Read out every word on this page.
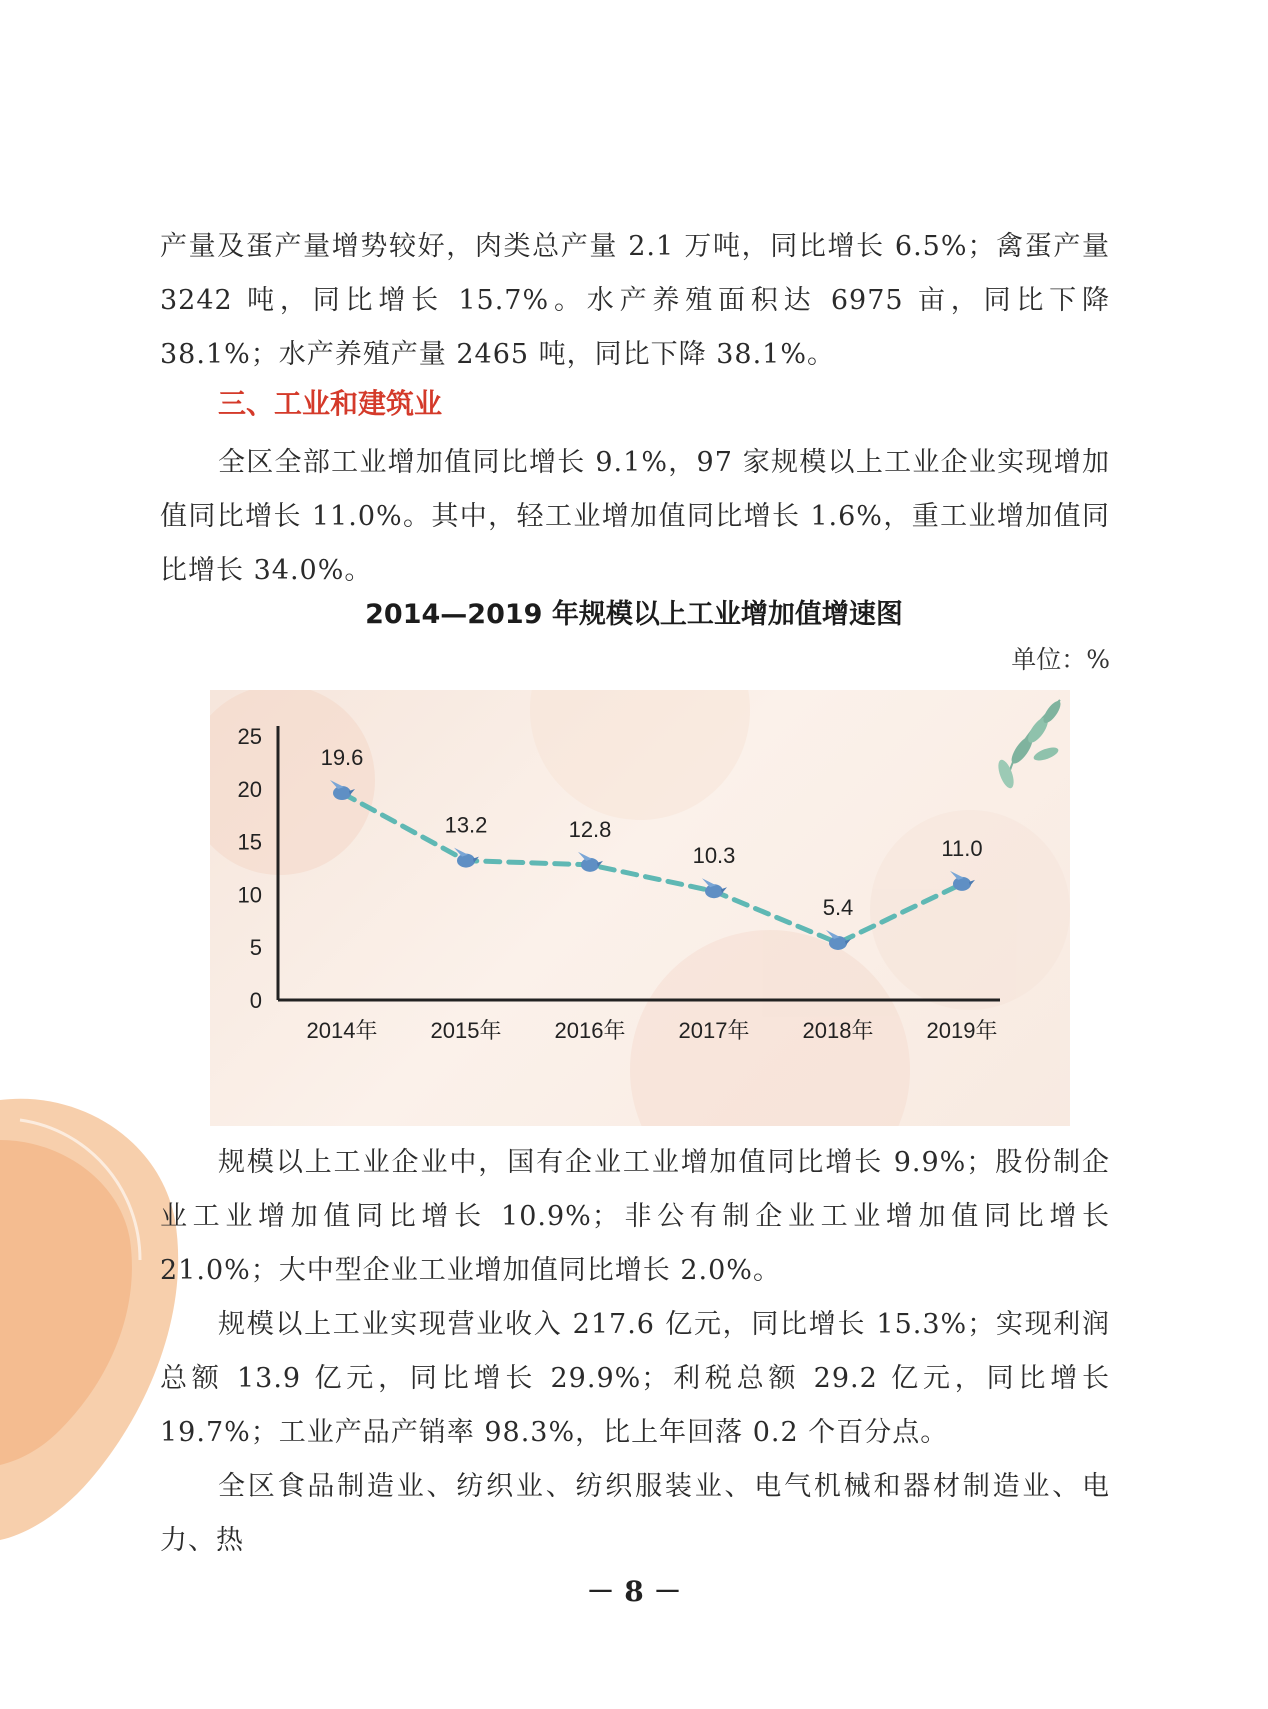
产量及蛋产量增势较好，肉类总产量 2.1 万吨，同比增长 6.5%；禽蛋产量 3242 吨，同比增长 15.7%。水产养殖面积达 6975 亩，同比下降 38.1%；水产养殖产量 2465 吨，同比下降 38.1%。

三、工业和建筑业

全区全部工业增加值同比增长 9.1%，97 家规模以上工业企业实现增加值同比增长 11.0%。其中，轻工业增加值同比增长 1.6%，重工业增加值同比增长 34.0%。

2014—2019 年规模以上工业增加值增速图

单位：%

0
5
10
15
20
25
2014年 2015年 2016年 2017年 2018年 2019年
19.6
13.2	12.8
10.3
5.4
11.0

规模以上工业企业中，国有企业工业增加值同比增长 9.9%；股份制企业工业增加值同比增长 10.9%；非公有制企业工业增加值同比增长 21.0%；大中型企业工业增加值同比增长 2.0%。

规模以上工业实现营业收入 217.6 亿元，同比增长 15.3%；实现利润总额 13.9 亿元，同比增长 29.9%；利税总额 29.2 亿元，同比增长 19.7%；工业产品产销率 98.3%，比上年回落 0.2 个百分点。

全区食品制造业、纺织业、纺织服装业、电气机械和器材制造业、电力、热

－ 8 －
